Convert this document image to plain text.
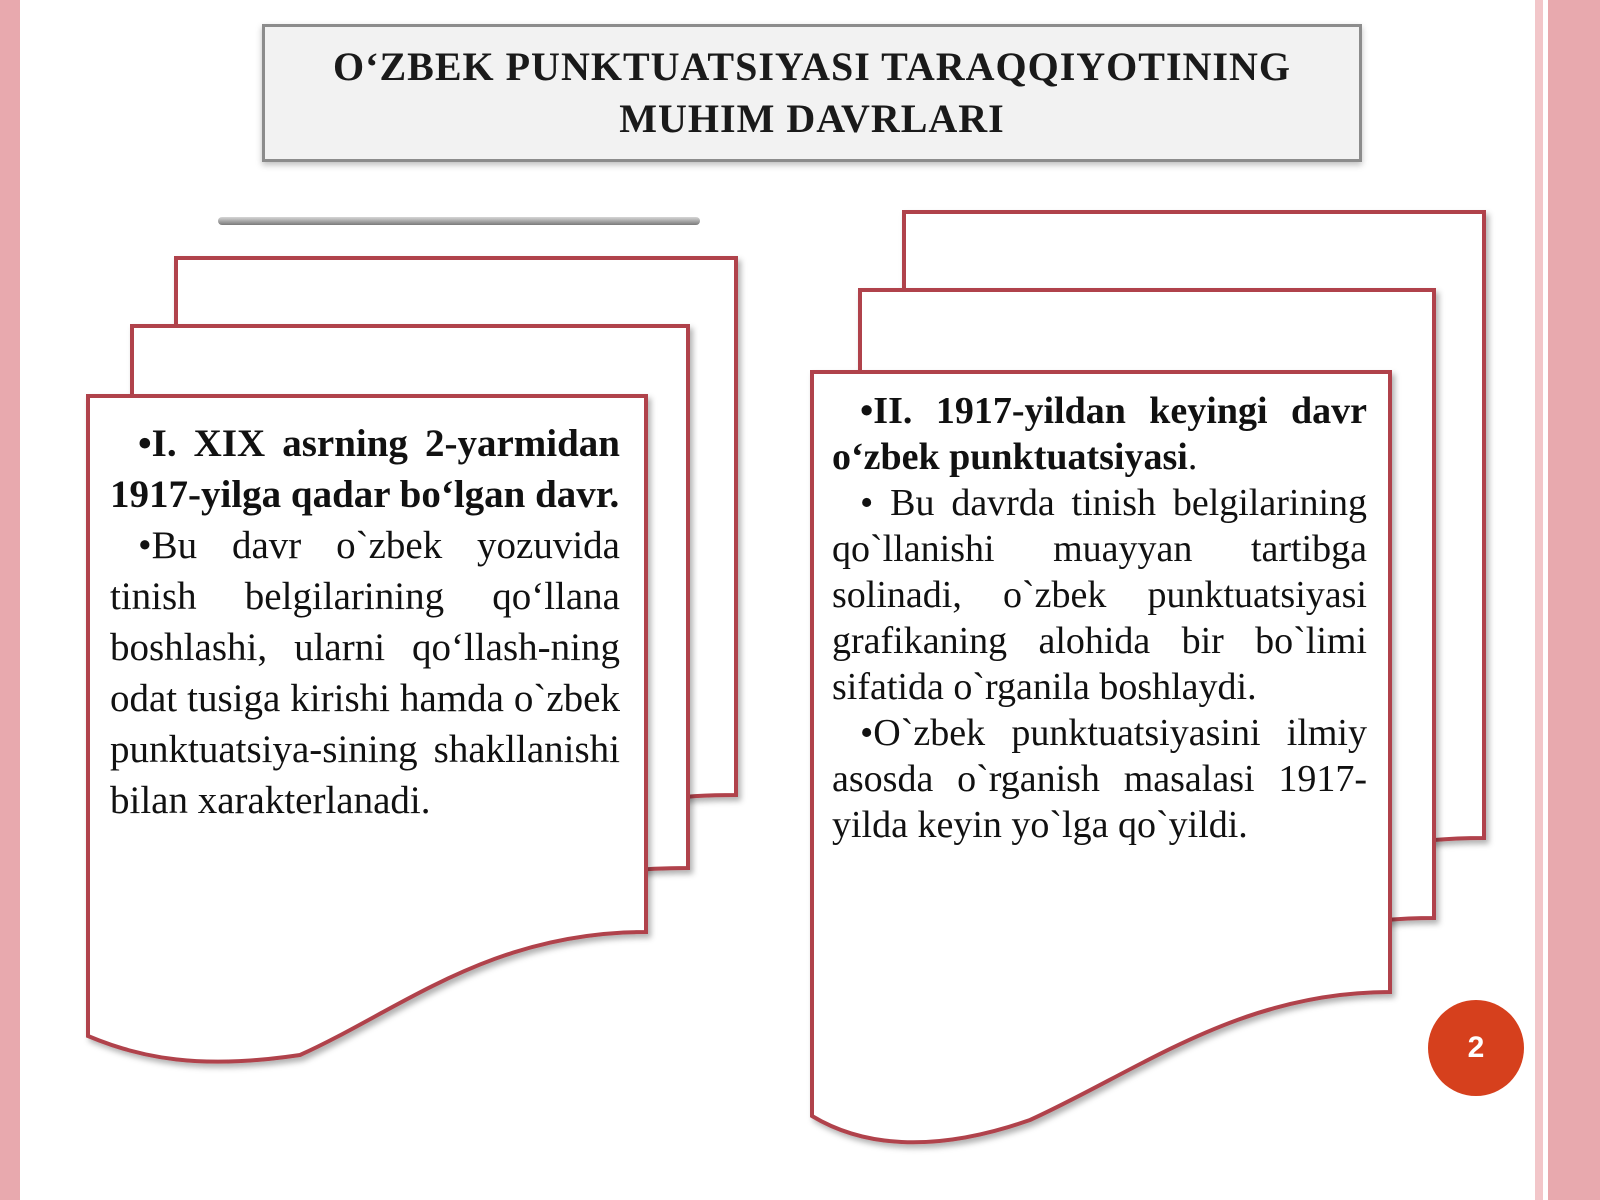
O‘ZBEK PUNKTUATSIYASI TARAQQIYOTINING
MUHIM DAVRLARI

•I. XIX asrning 2-yarmidan 1917-yilga qadar bo‘lgan davr.

•Bu davr o`zbek yozuvida tinish belgilarining qo‘llana boshlashi, ularni qo‘llash-ning odat tusiga kirishi hamda o`zbek punktuatsiya-sining shakllanishi bilan xarakterlanadi.

•II. 1917-yildan keyingi davr o‘zbek punktuatsiyasi.

• Bu davrda tinish belgilarining qo`llanishi muayyan tartibga solinadi, o`zbek punktuatsiyasi grafikaning alohida bir bo`limi sifatida o`rganila boshlaydi.

•O`zbek punktuatsiyasini ilmiy asosda o`rganish masalasi 1917- yilda keyin yo`lga qo`yildi.

2
